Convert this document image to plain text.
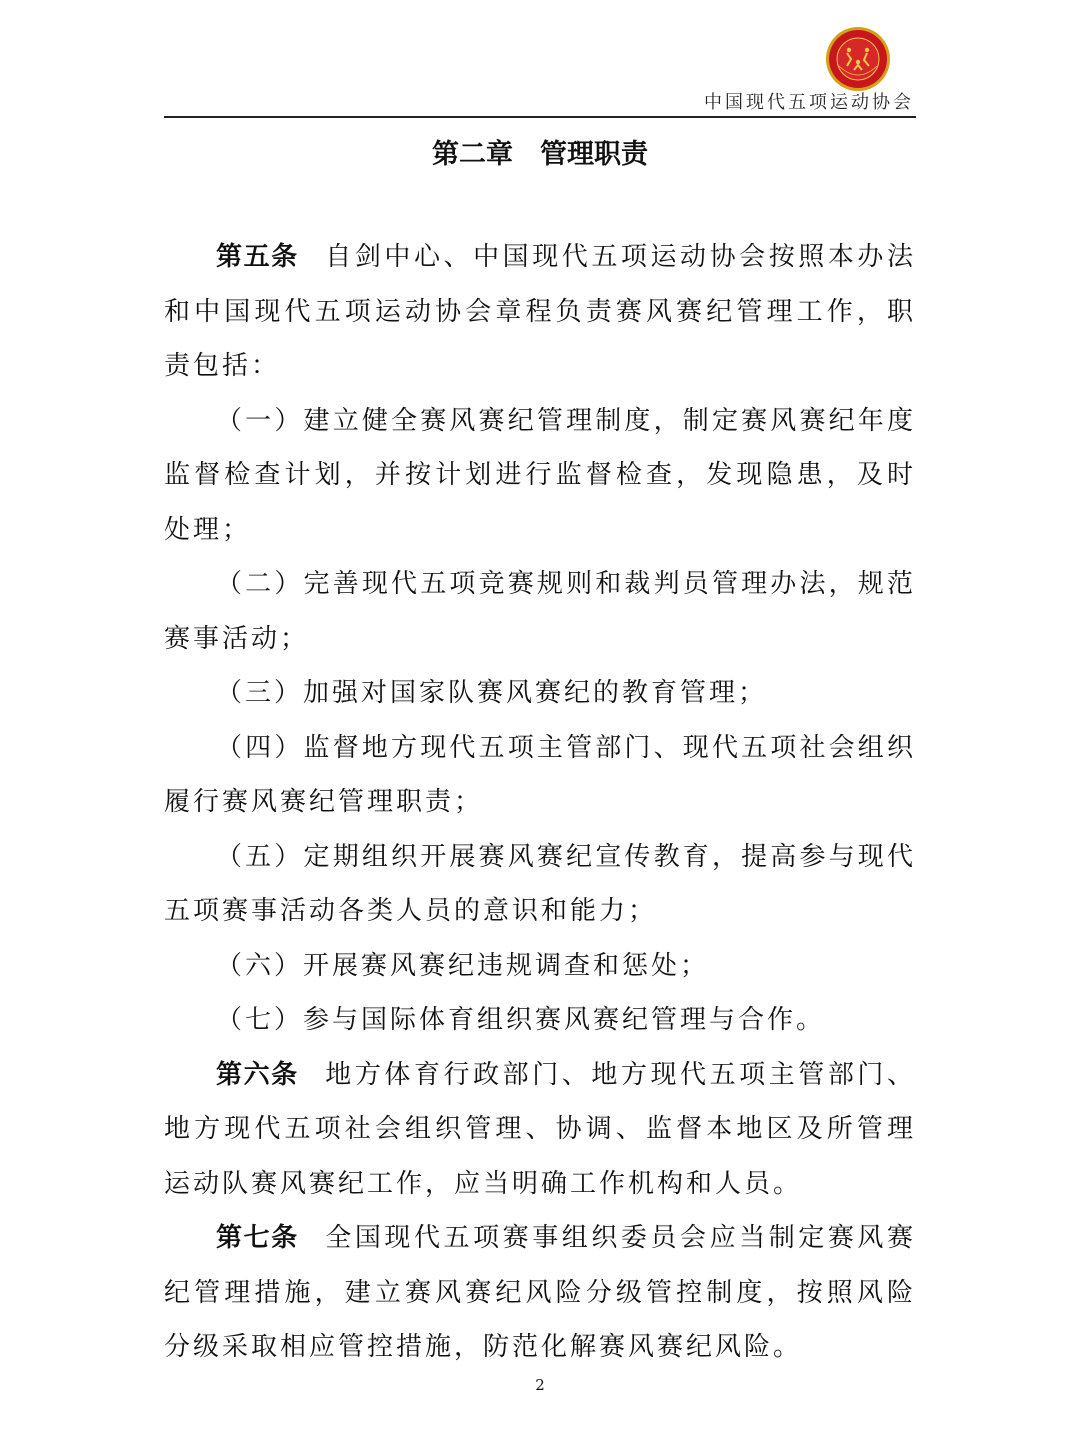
中国现代五项运动协会
第二章　管理职责

第五条 自剑中心、中国现代五项运动协会按照本办法和中国现代五项运动协会章程负责赛风赛纪管理工作，职责包括：

（一）建立健全赛风赛纪管理制度，制定赛风赛纪年度监督检查计划，并按计划进行监督检查，发现隐患，及时处理；

（二）完善现代五项竞赛规则和裁判员管理办法，规范赛事活动；

（三）加强对国家队赛风赛纪的教育管理；

（四）监督地方现代五项主管部门、现代五项社会组织履行赛风赛纪管理职责；

（五）定期组织开展赛风赛纪宣传教育，提高参与现代五项赛事活动各类人员的意识和能力；

（六）开展赛风赛纪违规调查和惩处；

（七）参与国际体育组织赛风赛纪管理与合作。

第六条 地方体育行政部门、地方现代五项主管部门、地方现代五项社会组织管理、协调、监督本地区及所管理运动队赛风赛纪工作，应当明确工作机构和人员。

第七条 全国现代五项赛事组织委员会应当制定赛风赛纪管理措施，建立赛风赛纪风险分级管控制度，按照风险分级采取相应管控措施，防范化解赛风赛纪风险。

2
